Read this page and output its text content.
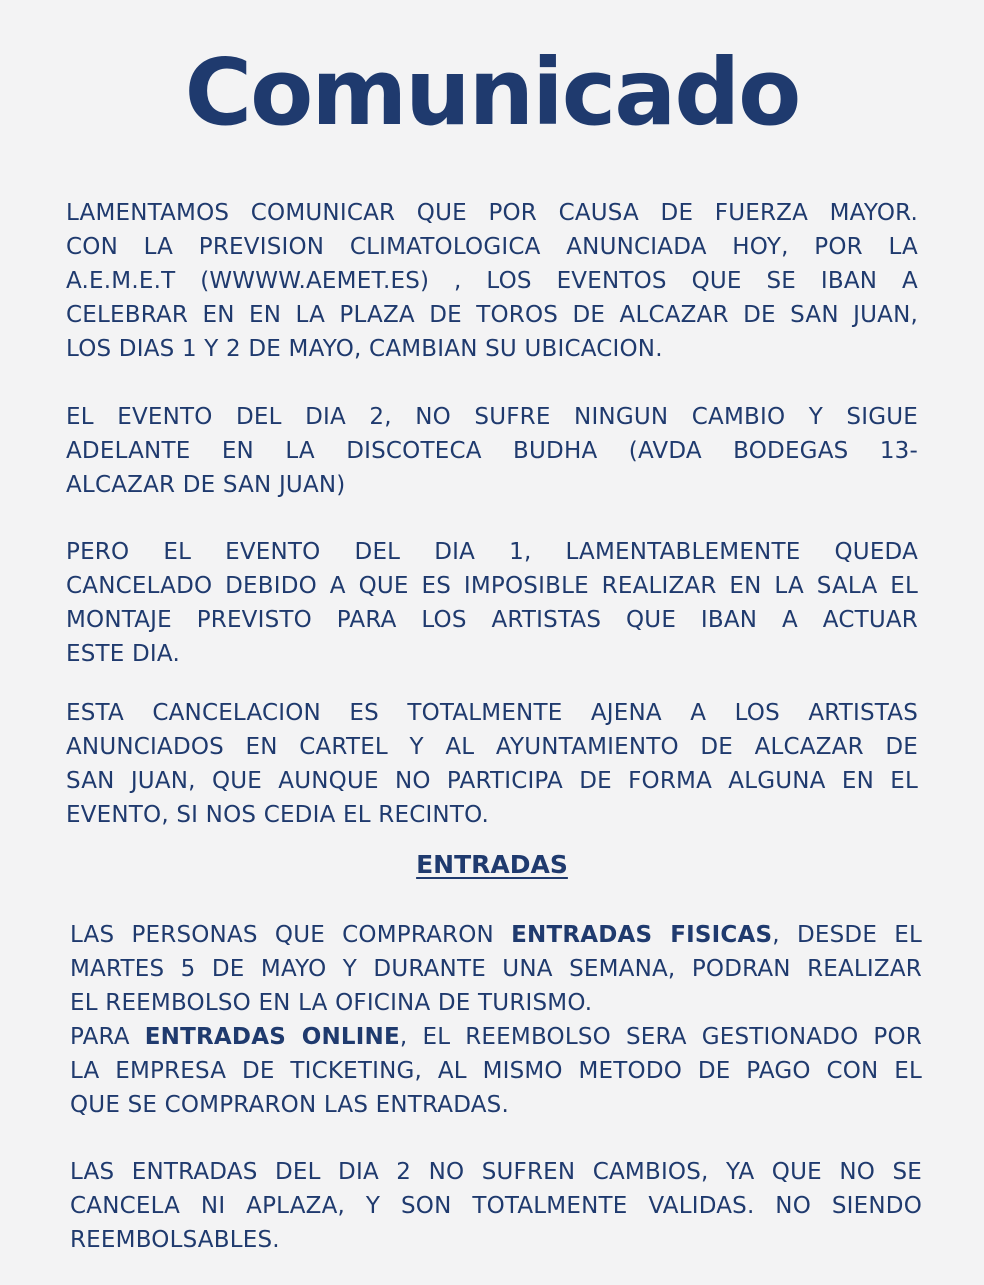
Comunicado

LAMENTAMOS COMUNICAR QUE POR CAUSA DE FUERZA MAYOR.
CON LA PREVISION CLIMATOLOGICA ANUNCIADA HOY, POR LA
A.E.M.E.T (WWWW.AEMET.ES) , LOS EVENTOS QUE SE IBAN A
CELEBRAR EN EN LA PLAZA DE TOROS DE ALCAZAR DE SAN JUAN,
LOS DIAS 1 Y 2 DE MAYO, CAMBIAN SU UBICACION.

EL EVENTO DEL DIA 2, NO SUFRE NINGUN CAMBIO Y SIGUE
ADELANTE EN LA DISCOTECA BUDHA (AVDA BODEGAS 13-
ALCAZAR DE SAN JUAN)

PERO EL EVENTO DEL DIA 1, LAMENTABLEMENTE QUEDA
CANCELADO DEBIDO A QUE ES IMPOSIBLE REALIZAR EN LA SALA EL
MONTAJE PREVISTO PARA LOS ARTISTAS QUE IBAN A ACTUAR
ESTE DIA.

ESTA CANCELACION ES TOTALMENTE AJENA A LOS ARTISTAS
ANUNCIADOS EN CARTEL Y AL AYUNTAMIENTO DE ALCAZAR DE
SAN JUAN, QUE AUNQUE NO PARTICIPA DE FORMA ALGUNA EN EL
EVENTO, SI NOS CEDIA EL RECINTO.

ENTRADAS

LAS PERSONAS QUE COMPRARON ENTRADAS FISICAS, DESDE EL
MARTES 5 DE MAYO Y DURANTE UNA SEMANA, PODRAN REALIZAR
EL REEMBOLSO EN LA OFICINA DE TURISMO.
PARA ENTRADAS ONLINE, EL REEMBOLSO SERA GESTIONADO POR
LA EMPRESA DE TICKETING, AL MISMO METODO DE PAGO CON EL
QUE SE COMPRARON LAS ENTRADAS.

LAS ENTRADAS DEL DIA 2 NO SUFREN CAMBIOS, YA QUE NO SE
CANCELA NI APLAZA, Y SON TOTALMENTE VALIDAS. NO SIENDO
REEMBOLSABLES.
